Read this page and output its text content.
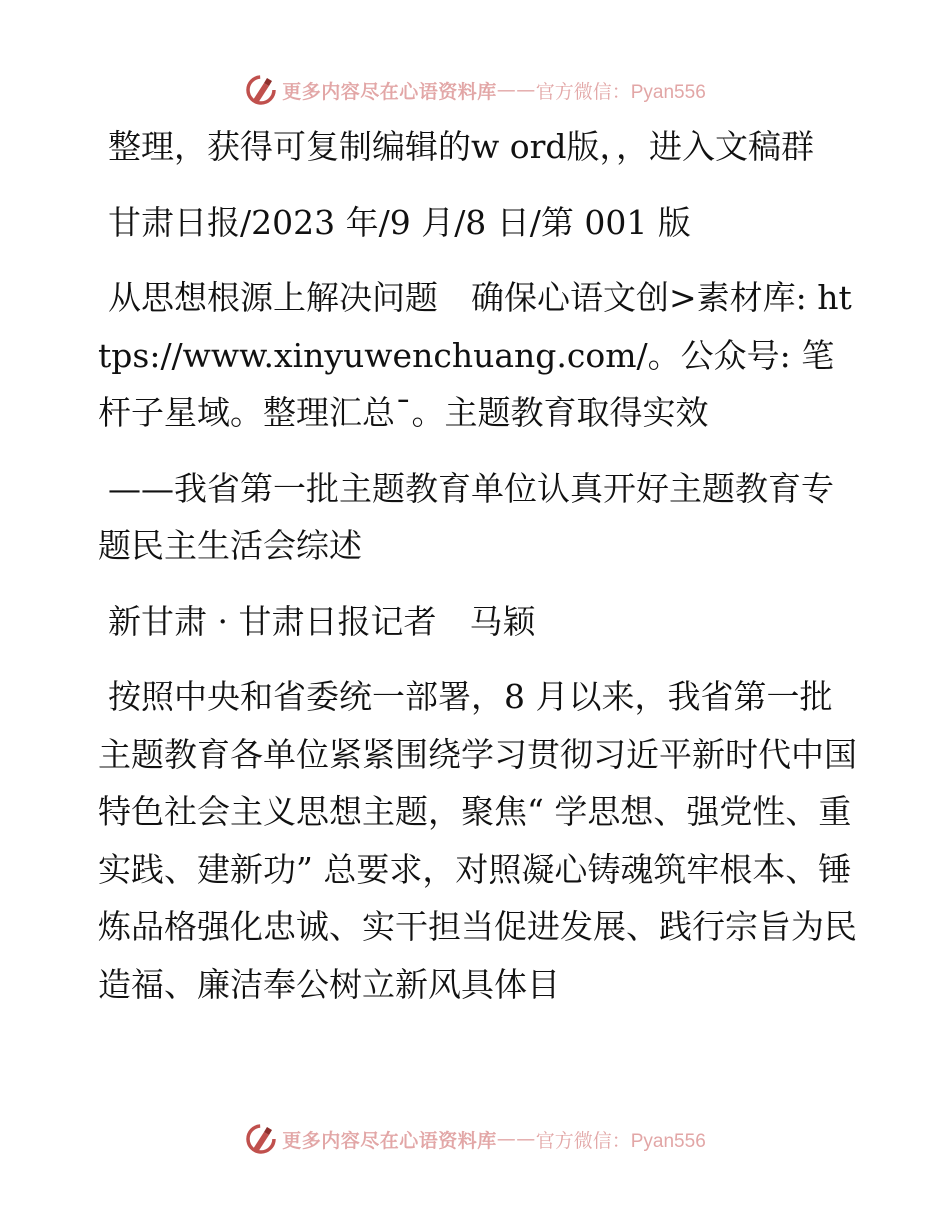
更多内容尽在心语资料库 —— 官方微信：Pyan556

整理，获得可复制编辑的w ord版，，进入文稿群

甘肃日报/2023 年/9 月/8 日/第 001 版

从思想根源上解决问题　确保心语文创>素材库: https://www.xinyuwenchuang.com/。公众号: 笔杆子星域。整理汇总¯。主题教育取得实效

——我省第一批主题教育单位认真开好主题教育专题民主生活会综述

新甘肃 · 甘肃日报记者　马颖

按照中央和省委统一部署，8 月以来，我省第一批主题教育各单位紧紧围绕学习贯彻习近平新时代中国特色社会主义思想主题，聚焦“ 学思想、强党性、重实践、建新功” 总要求，对照凝心铸魂筑牢根本、锤炼品格强化忠诚、实干担当促进发展、践行宗旨为民造福、廉洁奉公树立新风具体目

更多内容尽在心语资料库 —— 官方微信：Pyan556
